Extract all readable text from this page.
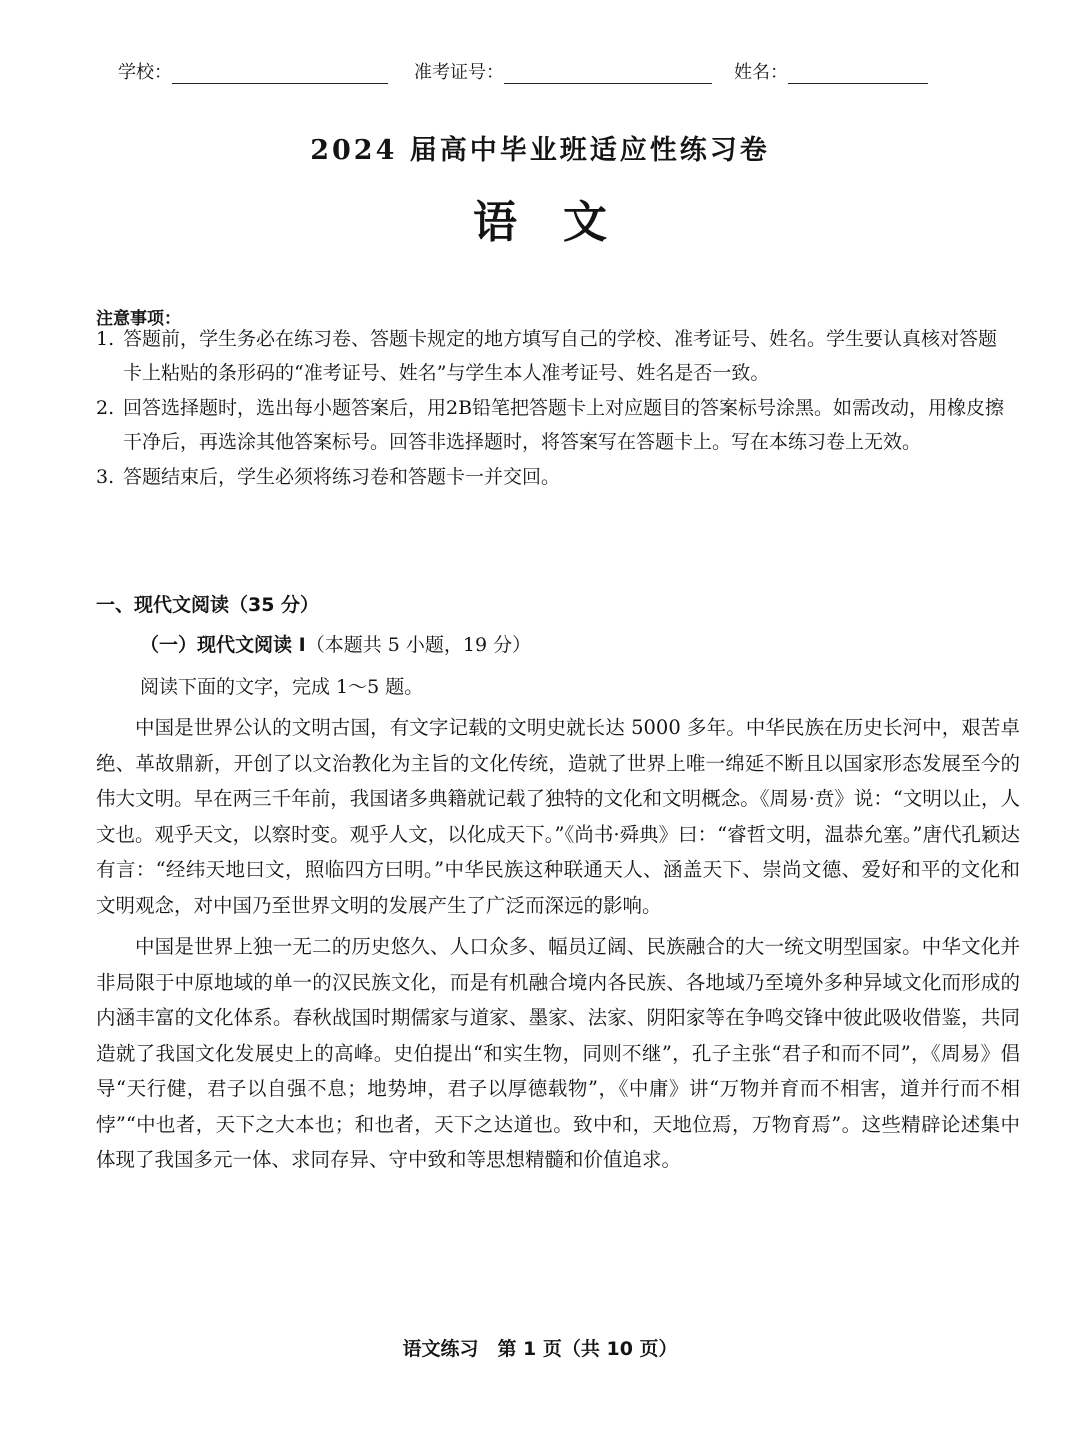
学校：	准考证号：	姓名：
2024 届高中毕业班适应性练习卷
语文
注意事项：
1. 答题前，学生务必在练习卷、答题卡规定的地方填写自己的学校、准考证号、姓名。学生要认真核对答题卡上粘贴的条形码的“准考证号、姓名”与学生本人准考证号、姓名是否一致。
2. 回答选择题时，选出每小题答案后，用2B铅笔把答题卡上对应题目的答案标号涂黑。如需改动，用橡皮擦干净后，再选涂其他答案标号。回答非选择题时，将答案写在答题卡上。写在本练习卷上无效。
3. 答题结束后，学生必须将练习卷和答题卡一并交回。
一、现代文阅读（35 分）
（一）现代文阅读 I（本题共 5 小题，19 分）
阅读下面的文字，完成 1～5 题。

中国是世界公认的文明古国，有文字记载的文明史就长达 5000 多年。中华民族在历史长河中，艰苦卓绝、革故鼎新，开创了以文治教化为主旨的文化传统，造就了世界上唯一绵延不断且以国家形态发展至今的伟大文明。早在两三千年前，我国诸多典籍就记载了独特的文化和文明概念。《周易·贲》说：“文明以止，人文也。观乎天文，以察时变。观乎人文，以化成天下。”《尚书·舜典》曰：“睿哲文明，温恭允塞。”唐代孔颖达有言：“经纬天地曰文，照临四方曰明。”中华民族这种联通天人、涵盖天下、崇尚文德、爱好和平的文化和文明观念，对中国乃至世界文明的发展产生了广泛而深远的影响。

中国是世界上独一无二的历史悠久、人口众多、幅员辽阔、民族融合的大一统文明型国家。中华文化并非局限于中原地域的单一的汉民族文化，而是有机融合境内各民族、各地域乃至境外多种异域文化而形成的内涵丰富的文化体系。春秋战国时期儒家与道家、墨家、法家、阴阳家等在争鸣交锋中彼此吸收借鉴，共同造就了我国文化发展史上的高峰。史伯提出“和实生物，同则不继”，孔子主张“君子和而不同”，《周易》倡导“天行健，君子以自强不息；地势坤，君子以厚德载物”，《中庸》讲“万物并育而不相害，道并行而不相悖”“中也者，天下之大本也；和也者，天下之达道也。致中和，天地位焉，万物育焉”。这些精辟论述集中体现了我国多元一体、求同存异、守中致和等思想精髓和价值追求。

语文练习　第 1 页（共 10 页）
